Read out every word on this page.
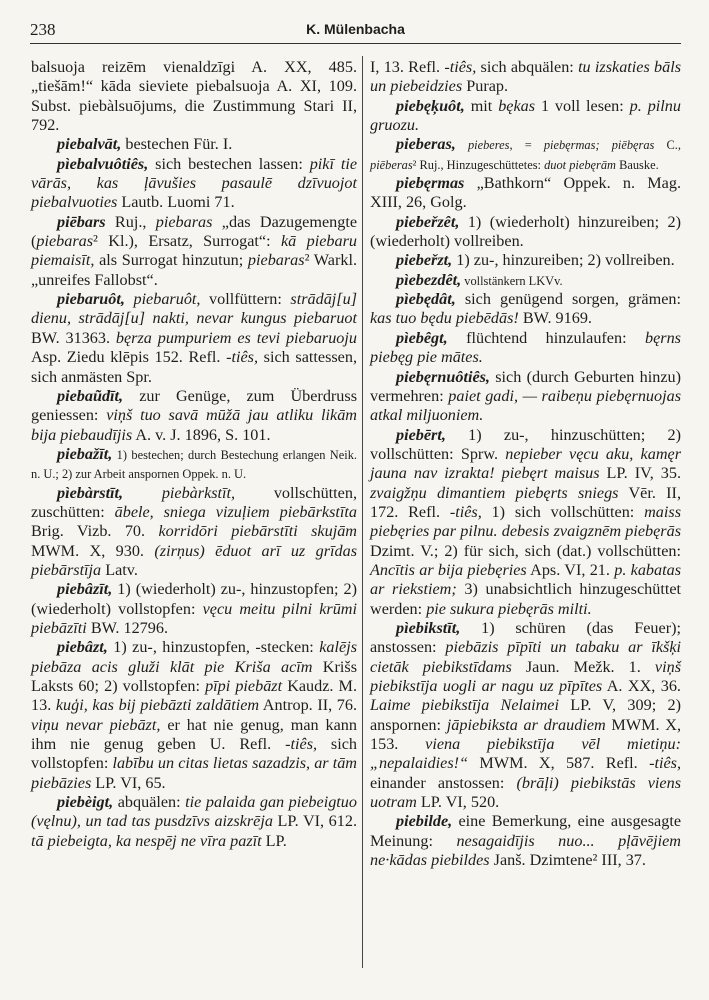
238	K. Mülenbacha

balsuoja reizēm vienaldzīgi A. XX, 485. „tiešām!“ kāda sieviete piebalsuoja A. XI, 109. Subst. piebàlsuōjums, die Zustimmung Stari II, 792.

piebalvāt, bestechen Für. I.

pìebalvuôtiês, sich bestechen lassen: pikī tie vārās, kas ļāvušies pasaulē dzīvuojot piebalvuoties Lautb. Luomi 71.

piēbars Ruj., piebaras „das Dazugemengte (piebaras² Kl.), Ersatz, Surrogat“: kā piebaru piemaisīt, als Surrogat hinzutun; piebaras² Warkl. „unreifes Fallobst“.

piebaruôt, piebaruôt, vollfüttern: strādāj[u] dienu, strādāj[u] nakti, nevar kungus piebaruot BW. 31363. bęrza pumpuriem es tevi piebaruoju Asp. Ziedu klēpis 152. Refl. -tiês, sich sattessen, sich anmästen Spr.

piebaũdīt, zur Genüge, zum Überdruss geniessen: viņš tuo savā mūžā jau atliku likām bija piebaudījis A. v. J. 1896, S. 101.

piebažīt, 1) bestechen; durch Bestechung erlangen Neik. n. U.; 2) zur Arbeit anspornen Oppek. n. U.

pìebàrstīt, piebàrkstīt, vollschütten, zuschütten: ābele, sniega vizuļiem piebārkstīta Brig. Vizb. 70. korridōri piebārstīti skujām MWM. X, 930. (zirņus) ēduot arī uz grīdas piebārstīja Latv.

piebâzīt, 1) (wiederholt) zu-, hinzustopfen; 2) (wiederholt) vollstopfen: vęcu meitu pilni krūmi piebāzīti BW. 12796.

piebâzt, 1) zu-, hinzustopfen, -stecken: kalējs piebāza acis gluži klāt pie Kriša acīm Krišs Laksts 60; 2) vollstopfen: pīpi piebāzt Kaudz. M. 13. kuģi, kas bij piebāzti zaldātiem Antrop. II, 76. viņu nevar piebāzt, er hat nie genug, man kann ihm nie genug geben U. Refl. -tiês, sich vollstopfen: labību un citas lietas sazadzis, ar tām piebāzies LP. VI, 65.

piebèigt, abquälen: tie palaida gan piebeigtuo (vęlnu), un tad tas pusdzīvs aizskrēja LP. VI, 612. tā piebeigta, ka nespēj ne vīra pazīt LP.

I, 13. Refl. -tiês, sich abquälen: tu izskaties bāls un piebeidzies Purap.

piebęķuôt, mit bękas 1 voll lesen: p. pilnu gruozu.

pieberas, pieberes, = piebęrmas; piēbęras C., piēberas² Ruj., Hinzugeschüttetes: duot piebęrām Bauske.

piebęrmas „Bathkorn“ Oppek. n. Mag. XIII, 26, Golg.

piebeřzêt, 1) (wiederholt) hinzureiben; 2) (wiederholt) vollreiben.

piebeřzt, 1) zu-, hinzureiben; 2) vollreiben.

pìebezdêt, vollstänkern LKVv.

pìebędât, sich genügend sorgen, grämen: kas tuo będu piebēdās! BW. 9169.

pìebêgt, flüchtend hinzulaufen: bęrns piebęg pie mātes.

piebęrnuôtiês, sich (durch Geburten hinzu) vermehren: paiet gadi, — raibeņu piebęrnuojas atkal miljuoniem.

piebērt, 1) zu-, hinzuschütten; 2) vollschütten: Sprw. nepieber vęcu aku, kamęr jauna nav izrakta! piebęrt maisus LP. IV, 35. zvaigžņu dimantiem piebęrts sniegs Vēr. II, 172. Refl. -tiês, 1) sich vollschütten: maiss piebęries par pilnu. debesis zvaigznēm piebęrās Dzimt. V.; 2) für sich, sich (dat.) vollschütten: Ancītis ar bija piebęries Aps. VI, 21. p. kabatas ar riekstiem; 3) unabsichtlich hinzugeschüttet werden: pie sukura piebęrās milti.

pìebikstīt, 1) schüren (das Feuer); anstossen: piebāzis pīpīti un tabaku ar īkšķi cietāk piebikstīdams Jaun. Mežk. 1. viņš piebikstīja uogli ar nagu uz pīpītes A. XX, 36. Laime piebikstīja Nelaimei LP. V, 309; 2) anspornen: jāpiebiksta ar draudiem MWM. X, 153. viena piebikstīja vēl mietiņu: „nepalaidies!“ MWM. X, 587. Refl. -tiês, einander anstossen: (brāļi) piebikstās viens uotram LP. VI, 520.

piebilde, eine Bemerkung, eine ausgesagte Meinung: nesagaidījis nuo... pļāvējiem ne·kādas piebildes Janš. Dzimtene² III, 37.
